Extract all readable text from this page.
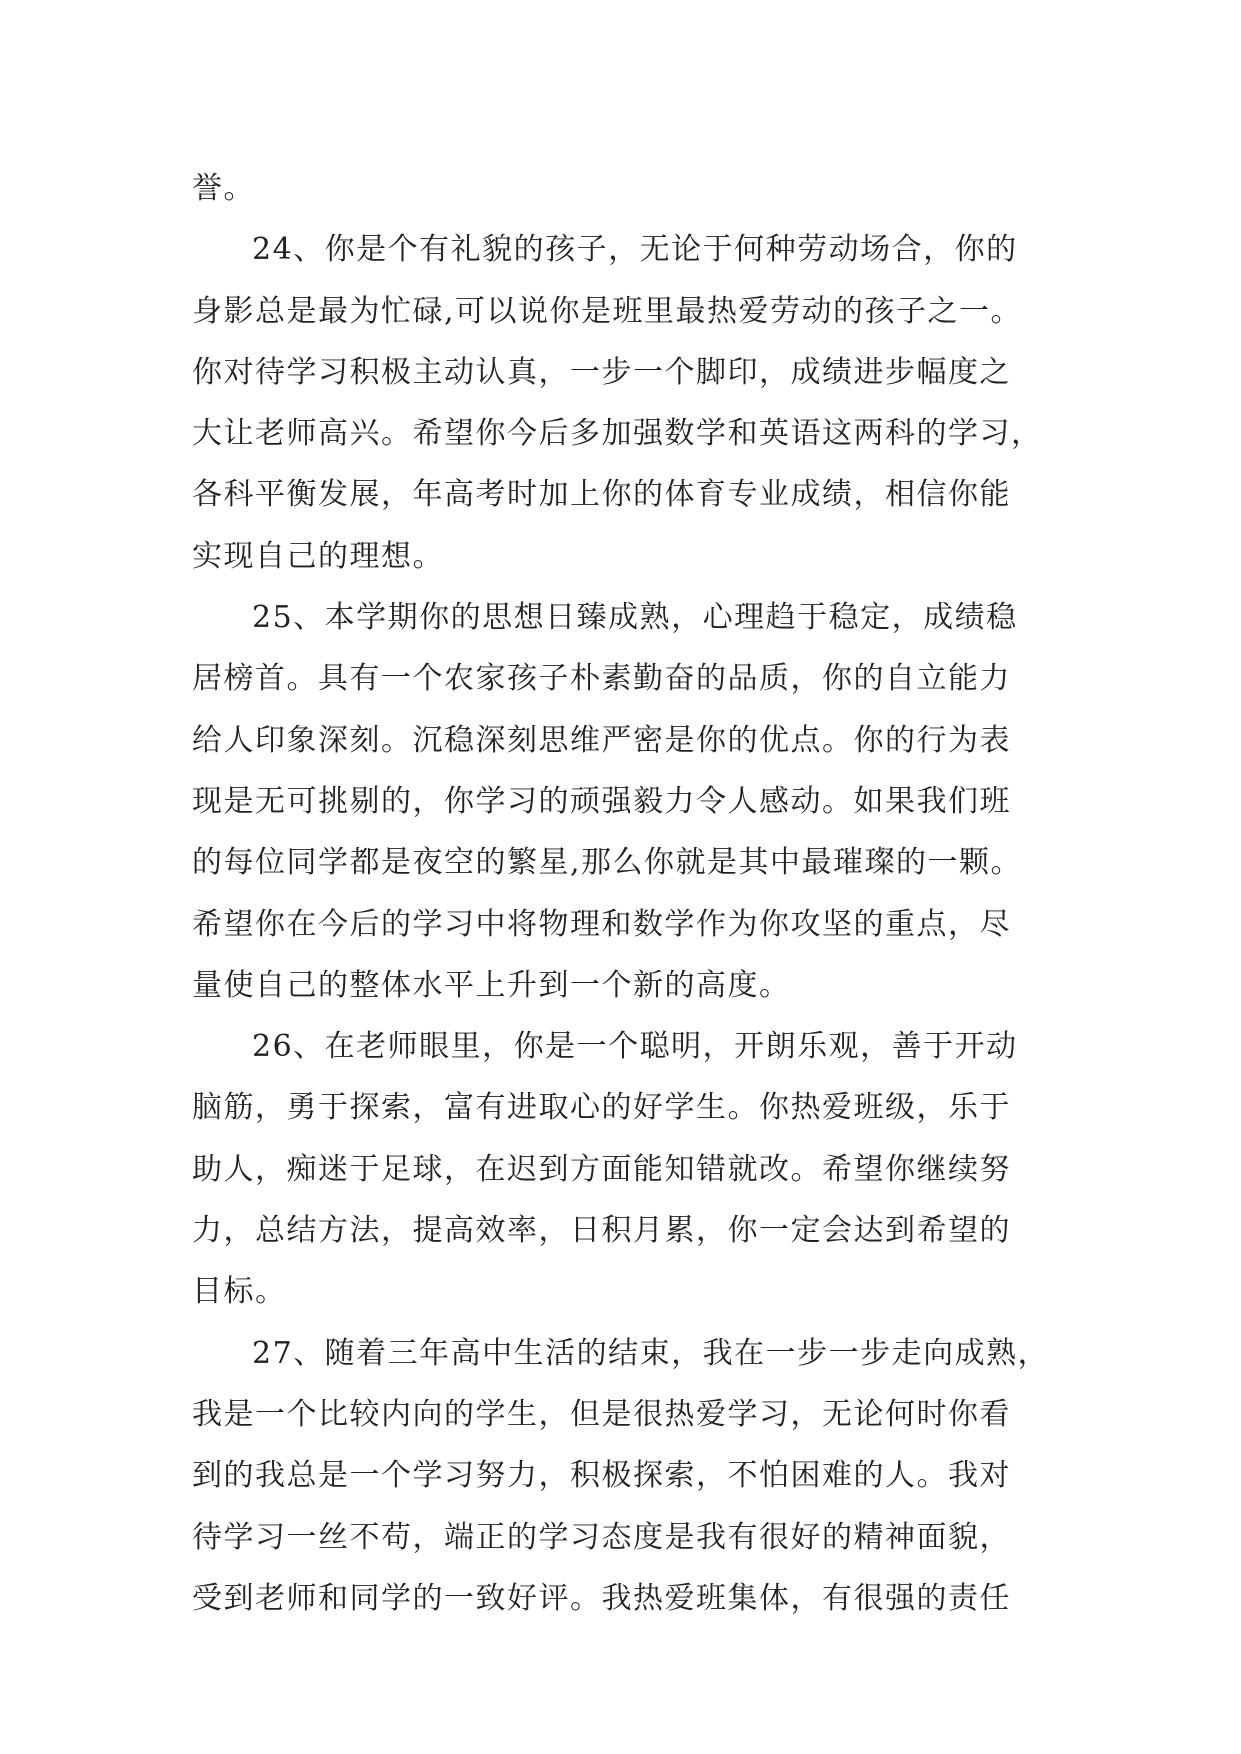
誉。
24、你是个有礼貌的孩子，无论于何种劳动场合，你的
身影总是最为忙碌,可以说你是班里最热爱劳动的孩子之一。
你对待学习积极主动认真，一步一个脚印，成绩进步幅度之
大让老师高兴。希望你今后多加强数学和英语这两科的学习，
各科平衡发展，年高考时加上你的体育专业成绩，相信你能
实现自己的理想。
25、本学期你的思想日臻成熟，心理趋于稳定，成绩稳
居榜首。具有一个农家孩子朴素勤奋的品质，你的自立能力
给人印象深刻。沉稳深刻思维严密是你的优点。你的行为表
现是无可挑剔的，你学习的顽强毅力令人感动。如果我们班
的每位同学都是夜空的繁星,那么你就是其中最璀璨的一颗。
希望你在今后的学习中将物理和数学作为你攻坚的重点，尽
量使自己的整体水平上升到一个新的高度。
26、在老师眼里，你是一个聪明，开朗乐观，善于开动
脑筋，勇于探索，富有进取心的好学生。你热爱班级，乐于
助人，痴迷于足球，在迟到方面能知错就改。希望你继续努
力，总结方法，提高效率，日积月累，你一定会达到希望的
目标。
27、随着三年高中生活的结束，我在一步一步走向成熟，
我是一个比较内向的学生，但是很热爱学习，无论何时你看
到的我总是一个学习努力，积极探索，不怕困难的人。我对
待学习一丝不苟，端正的学习态度是我有很好的精神面貌，
受到老师和同学的一致好评。我热爱班集体，有很强的责任
